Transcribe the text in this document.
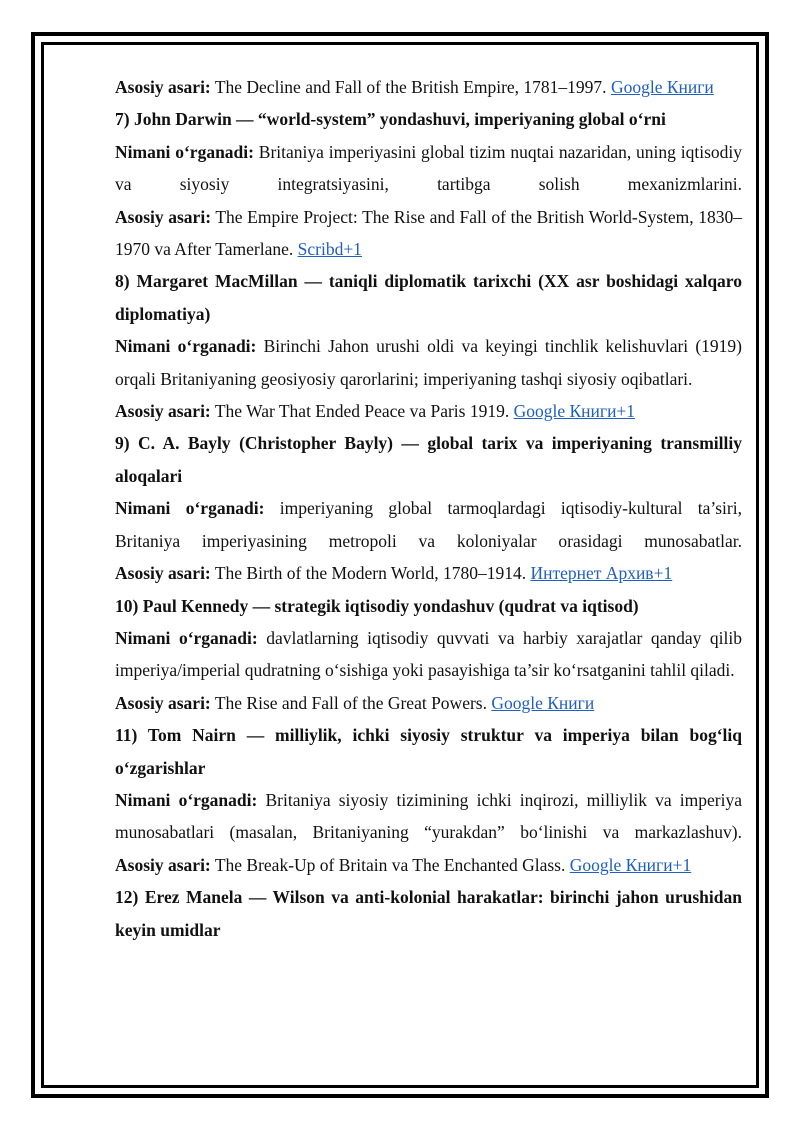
Asosiy asari: The Decline and Fall of the British Empire, 1781–1997. Google Книги

7) John Darwin — “world-system” yondashuvi, imperiyaning global o‘rni

Nimani o‘rganadi: Britaniya imperiyasini global tizim nuqtai nazaridan, uning iqtisodiy va siyosiy integratsiyasini, tartibga solish mexanizmlarini.

Asosiy asari: The Empire Project: The Rise and Fall of the British World-System, 1830–1970 va After Tamerlane. Scribd+1

8) Margaret MacMillan — taniqli diplomatik tarixchi (XX asr boshidagi xalqaro diplomatiya)

Nimani o‘rganadi: Birinchi Jahon urushi oldi va keyingi tinchlik kelishuvlari (1919) orqali Britaniyaning geosiyosiy qarorlarini; imperiyaning tashqi siyosiy oqibatlari.

Asosiy asari: The War That Ended Peace va Paris 1919. Google Книги+1

9) C. A. Bayly (Christopher Bayly) — global tarix va imperiyaning transmilliy aloqalari

Nimani o‘rganadi: imperiyaning global tarmoqlardagi iqtisodiy-kultural ta’siri, Britaniya imperiyasining metropoli va koloniyalar orasidagi munosabatlar.

Asosiy asari: The Birth of the Modern World, 1780–1914. Интернет Архив+1

10) Paul Kennedy — strategik iqtisodiy yondashuv (qudrat va iqtisod)

Nimani o‘rganadi: davlatlarning iqtisodiy quvvati va harbiy xarajatlar qanday qilib imperiya/imperial qudratning o‘sishiga yoki pasayishiga ta’sir ko‘rsatganini tahlil qiladi.

Asosiy asari: The Rise and Fall of the Great Powers. Google Книги

11) Tom Nairn — milliylik, ichki siyosiy struktur va imperiya bilan bog‘liq o‘zgarishlar

Nimani o‘rganadi: Britaniya siyosiy tizimining ichki inqirozi, milliylik va imperiya munosabatlari (masalan, Britaniyaning “yurakdan” bo‘linishi va markazlashuv).

Asosiy asari: The Break-Up of Britain va The Enchanted Glass. Google Книги+1

12) Erez Manela — Wilson va anti-kolonial harakatlar: birinchi jahon urushidan keyin umidlar
